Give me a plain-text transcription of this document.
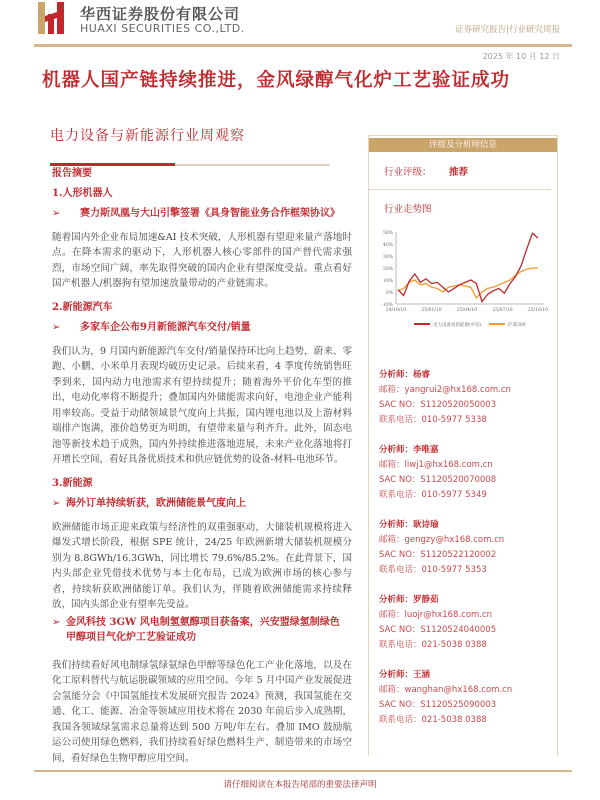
华西证券股份有限公司
HUAXI SECURITIES CO.,LTD.	证券研究报告|行业研究周报
2025 年 10 月 12 日
机器人国产链持续推进，金风绿醇气化炉工艺验证成功
电力设备与新能源行业周观察
报告摘要
1.人形机器人
➢	赛力斯凤凰与大山引擎签署《具身智能业务合作框架协议》

随着国内外企业布局加速&AI 技术突破，人形机器有望迎来量产落地时点。在降本需求的驱动下，人形机器人核心零部件的国产替代需求强烈，市场空间广阔，率先取得突破的国内企业有望深度受益。重点看好国产机器人/机器狗有望加速放量带动的产业链需求。

2.新能源汽车
➢	多家车企公布9月新能源汽车交付/销量

我们认为，9 月国内新能源汽车交付/销量保持环比向上趋势，蔚来、零跑、小鹏、小米单月表现均破历史记录。后续来看，4 季度传统销售旺季到来，国内动力电池需求有望持续提升；随着海外平价化车型的推出，电动化率将不断提升；叠加国内外储能需求向好，电池企业产能利用率较高。受益于动储领域景气度向上共振，国内锂电池以及上游材料端排产饱满，涨价趋势更为明朗，有望带来量与利齐升。此外，固态电池等新技术趋于成熟，国内外持续推进落地进展，未来产业化落地将打开增长空间，看好具备优质技术和供应链优势的设备-材料-电池环节。

3.新能源
➢ 海外订单持续斩获，欧洲储能景气度向上

欧洲储能市场正迎来政策与经济性的双重强驱动，大储装机规模将进入爆发式增长阶段，根据 SPE 统计，24/25 年欧洲新增大储装机规模分别为 8.8GWh/16.3GWh，同比增长 79.6%/85.2%。在此背景下，国内头部企业凭借技术优势与本土化布局，已成为欧洲市场的核心参与者，持续斩获欧洲储能订单。我们认为，伴随着欧洲储能需求持续释放，国内头部企业有望率先受益。

➢ 金风科技 3GW 风电制氢氨醇项目获备案，兴安盟绿氢制绿色甲醇项目气化炉工艺验证成功

我们持续看好风电制绿氢绿氨绿色甲醇等绿色化工产业化落地，以及在化工原料替代与航运脱碳领域的应用空间。今年 5 月中国产业发展促进会氢能分会《中国氢能技术发展研究报告 2024》预测，我国氢能在交通、化工、能源、冶金等领域应用技术将在 2030 年前后步入成熟期，我国各领域绿氢需求总量将达到 500 万吨/年左右。叠加 IMO 鼓励航运公司使用绿色燃料，我们持续看好绿色燃料生产、制造带来的市场空间，看好绿色生物甲醇应用空间。

评级及分析师信息
行业评级： 推荐
行业走势图
50%
40%
30%
20%
10%
0%
-10%
24/10/10	25/01/10	25/04/10	25/07/10	25/10/10
电力设备及新能源(中信)	沪深300
分析师：杨睿
邮箱：yangrui2@hx168.com.cn
SAC NO：S1120520050003
联系电话：010-5977 5338
分析师：李唯嘉
邮箱：liwj1@hx168.com.cn
SAC NO：S1120520070008
联系电话：010-5977 5349
分析师：耿诗瑜
邮箱：gengzy@hx168.com.cn
SAC NO：S1120522120002
联系电话：010-5977 5353
分析师：罗静茹
邮箱：luojr@hx168.com.cn
SAC NO：S1120524040005
联系电话：021-5038 0388
分析师：王涵
邮箱：wanghan@hx168.com.cn
SAC NO：S1120525090003
联系电话：021-5038 0388
请仔细阅读在本报告尾部的重要法律声明
